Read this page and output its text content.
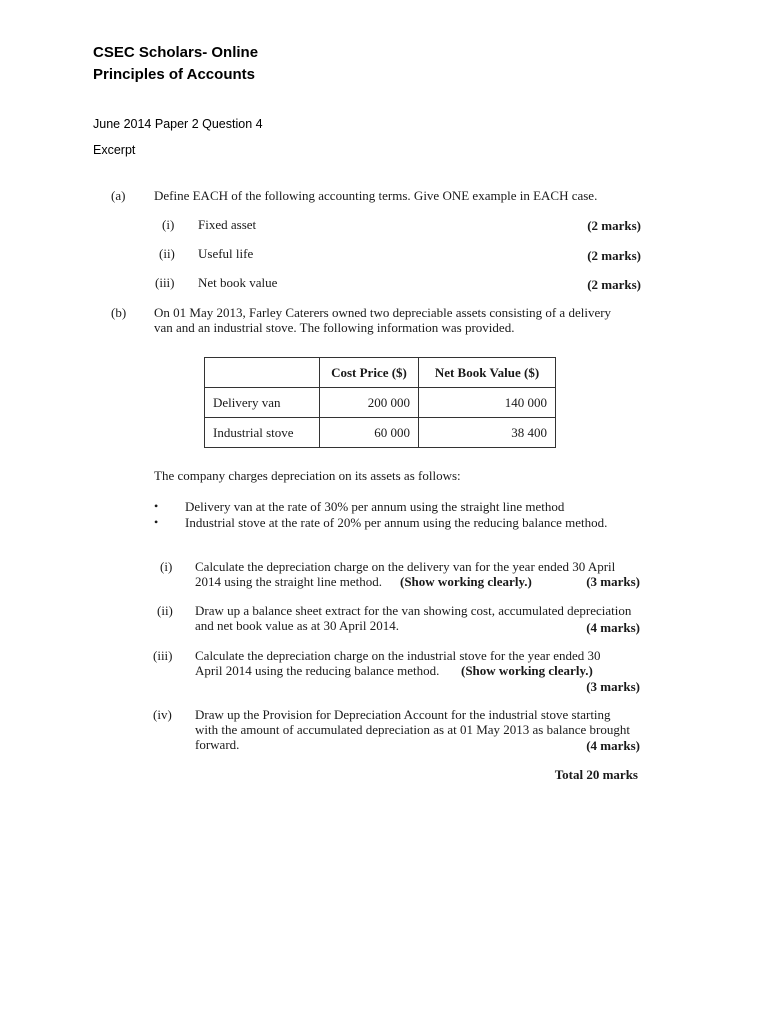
CSEC Scholars- Online
Principles of Accounts
June 2014 Paper 2 Question 4
Excerpt
(a) Define EACH of the following accounting terms. Give ONE example in EACH case.
(i) Fixed asset	(2 marks)
(ii) Useful life	(2 marks)
(iii) Net book value	(2 marks)
(b) On 01 May 2013, Farley Caterers owned two depreciable assets consisting of a delivery
van and an industrial stove. The following information was provided.
	Cost Price ($)	Net Book Value ($)
Delivery van	200 000	140 000
Industrial stove	60 000	38 400
The company charges depreciation on its assets as follows:
• Delivery van at the rate of 30% per annum using the straight line method
• Industrial stove at the rate of 20% per annum using the reducing balance method.
(i) Calculate the depreciation charge on the delivery van for the year ended 30 April
2014 using the straight line method. (Show working clearly.)	(3 marks)
(ii) Draw up a balance sheet extract for the van showing cost, accumulated depreciation
and net book value as at 30 April 2014.	(4 marks)
(iii) Calculate the depreciation charge on the industrial stove for the year ended 30
April 2014 using the reducing balance method. (Show working clearly.)
(3 marks)
(iv) Draw up the Provision for Depreciation Account for the industrial stove starting
with the amount of accumulated depreciation as at 01 May 2013 as balance brought
forward.	(4 marks)
Total 20 marks
